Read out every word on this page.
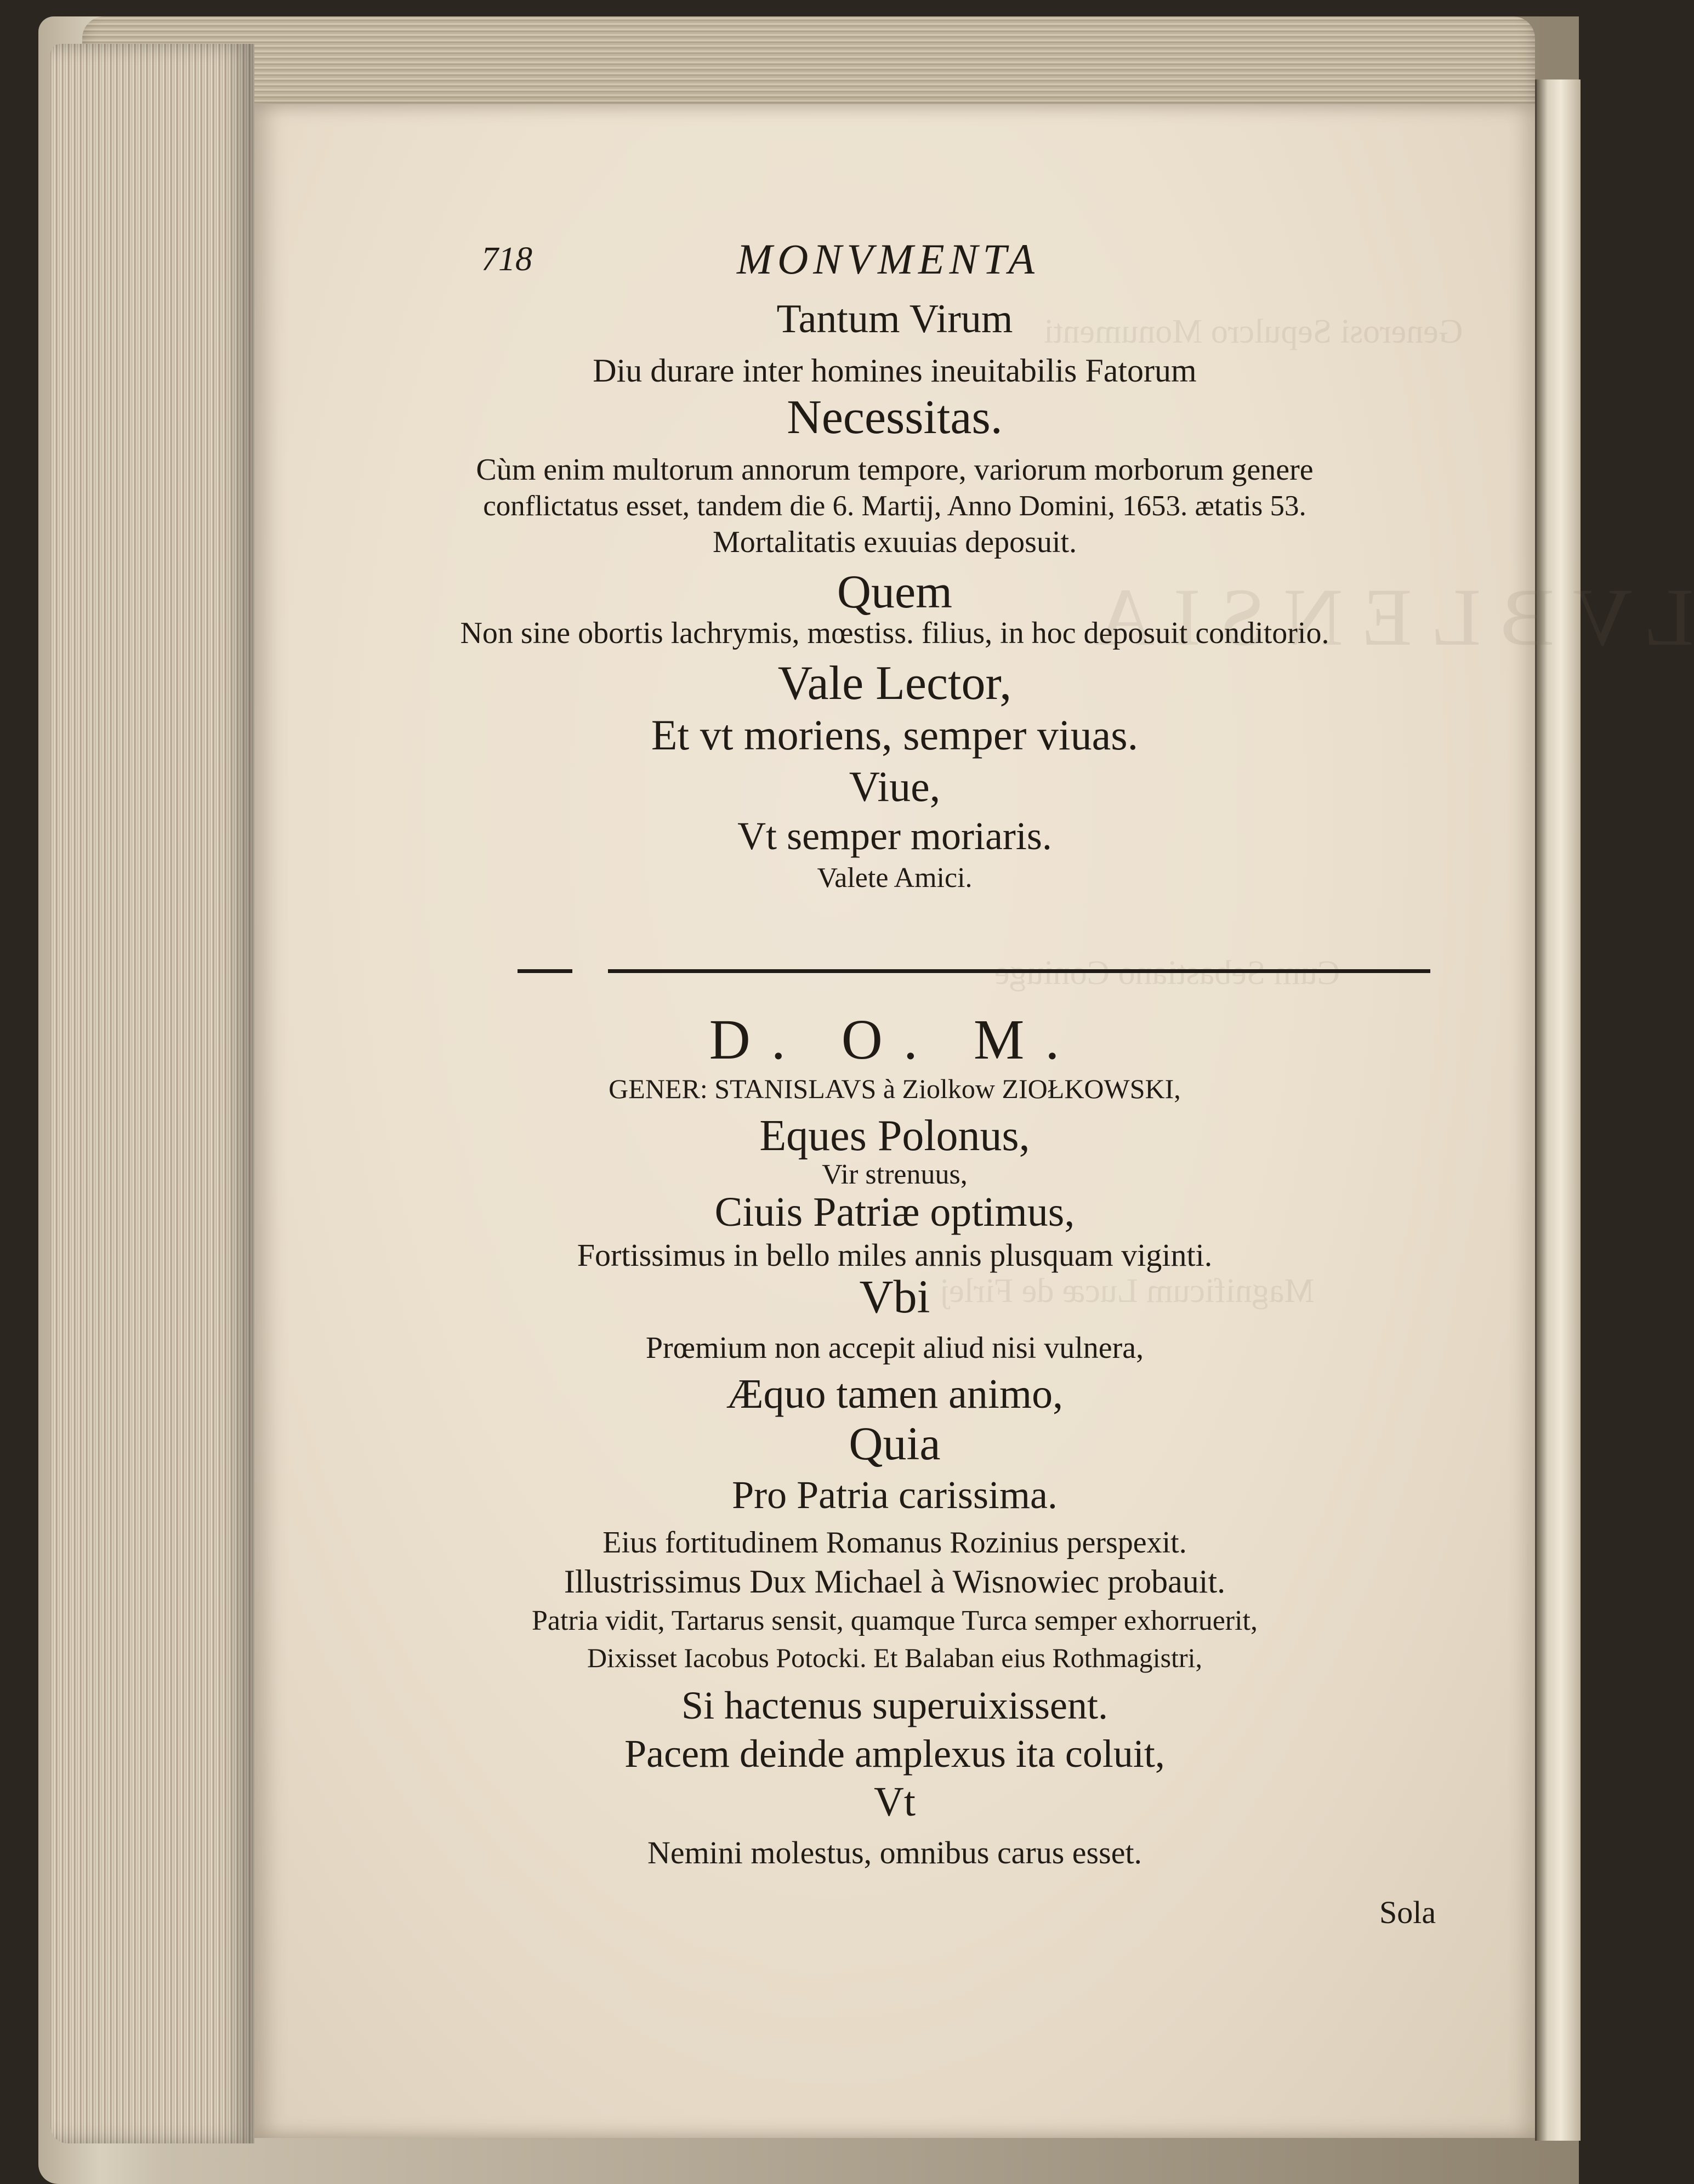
Generosi Sepulcro Monumenti
LVBLENSIA
Cum Sebastiano Coniuge
Magnificum Lucæ de Firlej
718	MONVMENTA
Tantum Virum
Diu durare inter homines ineuitabilis Fatorum
Necessitas.
Cùm enim multorum annorum tempore, variorum morborum genere
conflictatus esset, tandem die 6. Martij, Anno Domini, 1653. ætatis 53.
Mortalitatis exuuias deposuit.
Quem
Non sine obortis lachrymis, mœstiss. filius, in hoc deposuit conditorio.
Vale Lector,
Et vt moriens, semper viuas.
Viue,
Vt semper moriaris.
Valete Amici.
D. O. M.
GENER: STANISLAVS à Ziolkow ZIOŁKOWSKI,
Eques Polonus,
Vir strenuus,
Ciuis Patriæ optimus,
Fortissimus in bello miles annis plusquam viginti.
Vbi
Prœmium non accepit aliud nisi vulnera,
Æquo tamen animo,
Quia
Pro Patria carissima.
Eius fortitudinem Romanus Rozinius perspexit.
Illustrissimus Dux Michael à Wisnowiec probauit.
Patria vidit, Tartarus sensit, quamque Turca semper exhorruerit,
Dixisset Iacobus Potocki. Et Balaban eius Rothmagistri,
Si hactenus superuixissent.
Pacem deinde amplexus ita coluit,
Vt
Nemini molestus, omnibus carus esset.
Sola
